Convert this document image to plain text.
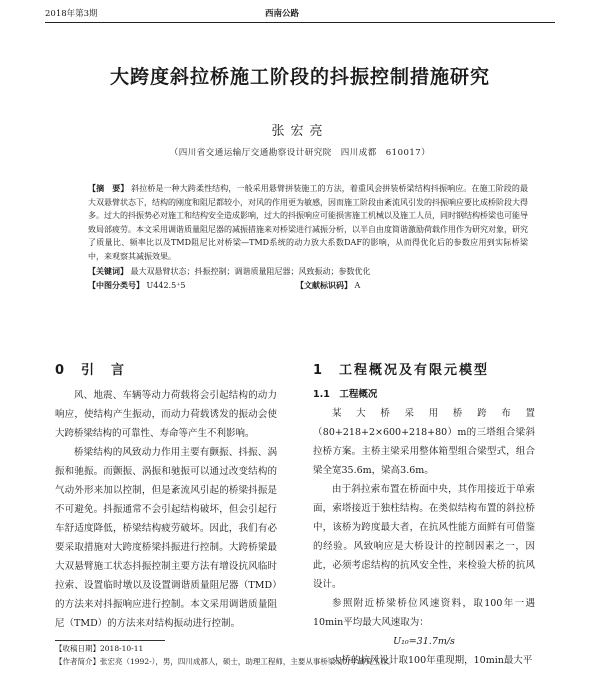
2018年第3期	西南公路
大跨度斜拉桥施工阶段的抖振控制措施研究
张宏亮
（四川省交通运输厅交通勘察设计研究院　四川成都　610017）
【摘　要】 斜拉桥是一种大跨柔性结构，一般采用悬臂拼装施工的方法，着重风会拼装桥梁结构抖振响应。在施工阶段的最大双悬臂状态下，结构的刚度和阻尼都较小，对风的作用更为敏感，因而施工阶段由紊流风引发的抖振响应要比成桥阶段大得多。过大的抖振势必对施工和结构安全造成影响，过大的抖振响应可能损害施工机械以及施工人员，同时钢结构桥梁也可能导致局部疲劳。本文采用调谐质量阻尼器的减振措施来对桥梁进行减振分析，以半自由度简谐激励荷载作用作为研究对象，研究了质量比、频率比以及TMD阻尼比对桥梁—TMD系统的动力放大系数DAF的影响，从而得优化后的参数应用到实际桥梁中，来观察其减振效果。
【关键词】 最大双悬臂状态；抖振控制；调谐质量阻尼器；风致振动；参数优化
【中图分类号】 U442.5⁺5	【文献标识码】 A
0　引　言

风、地震、车辆等动力荷载将会引起结构的动力响应，使结构产生振动，而动力荷载诱发的振动会使大跨桥梁结构的可靠性、寿命等产生不利影响。

桥梁结构的风致动力作用主要有颤振、抖振、涡振和驰振。而颤振、涡振和驰振可以通过改变结构的气动外形来加以控制，但是紊流风引起的桥梁抖振是不可避免。抖振通常不会引起结构破坏，但会引起行车舒适度降低，桥梁结构疲劳破坏。因此，我们有必要采取措施对大跨度桥梁抖振进行控制。大跨桥梁最大双悬臂施工状态抖振控制主要方法有增设抗风临时拉索、设置临时墩以及设置调谐质量阻尼器（TMD）的方法来对抖振响应进行控制。本文采用调谐质量阻尼（TMD）的方法来对结构振动进行控制。

1　工程概况及有限元模型
1.1　工程概况

某大桥采用桥跨布置（80+218+2×600+218+80）m的三塔组合梁斜拉桥方案。主桥主梁采用整体箱型组合梁型式，组合梁全宽35.6m，梁高3.6m。

由于斜拉索布置在桥面中央，其作用接近于单索面，索塔接近于独柱结构。在类似结构布置的斜拉桥中，该桥为跨度最大者，在抗风性能方面鲜有可借鉴的经验。风致响应是大桥设计的控制因素之一，因此，必须考虑结构的抗风安全性，来检验大桥的抗风设计。

参照附近桥梁桥位风速资料，取100年一遇10min平均最大风速取为：

U₁₀=31.7m/s

大桥的抗风设计取100年重现期，10min最大平

【收稿日期】2018-10-11
【作者简介】张宏亮（1992-），男，四川成都人，硕士，助理工程师，主要从事桥梁动力学研究工作。
